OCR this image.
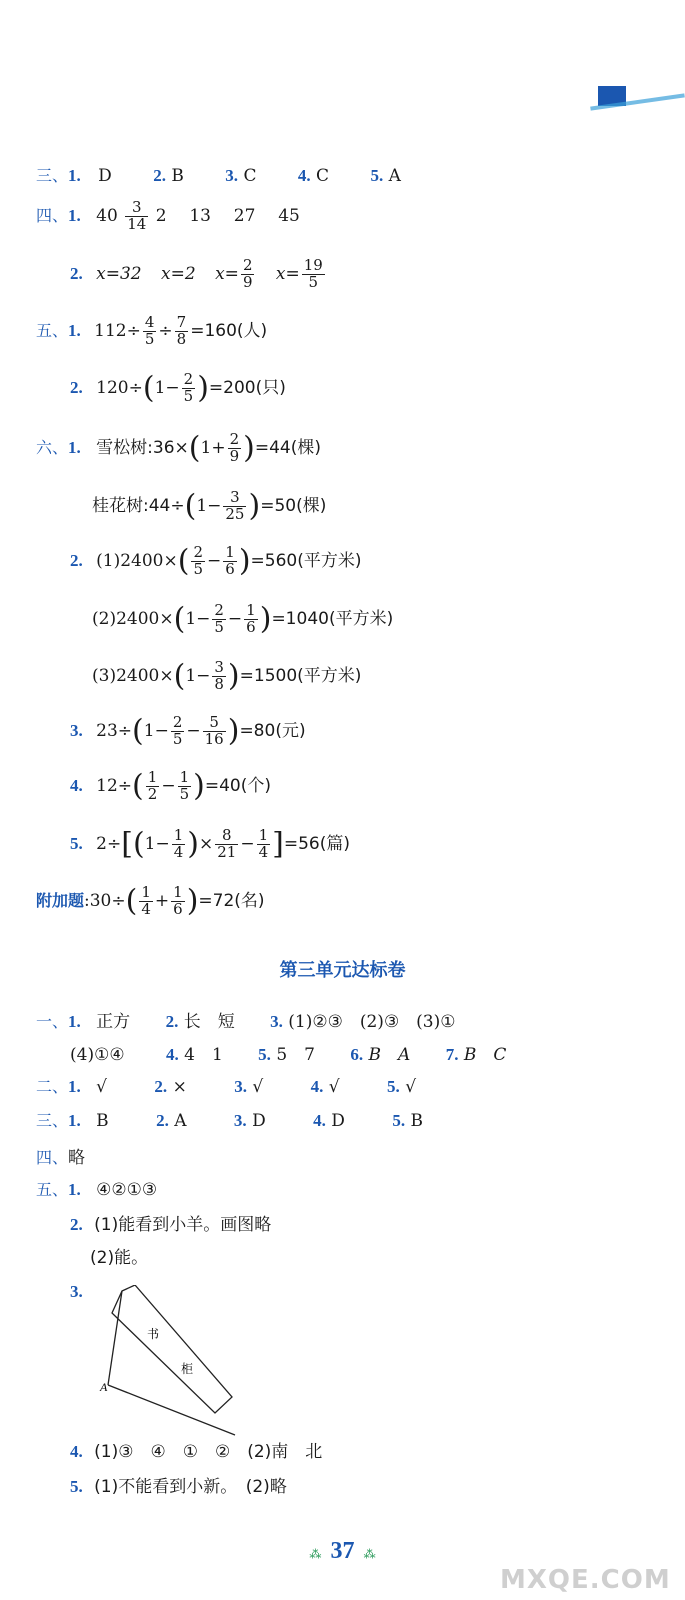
三、1. D 2. B 3. C 4. C 5. A
四、1. $40 \frac{3}{14} 2$  13  27  45
2. x=32 x=2 $x= \frac{2}{9} x= \frac{19}{5}$
五、1. $112\div \frac{4}{5} \div \frac{7}{8} =160$(人)
2. $120\div(1- \frac{2}{5} )=200$(只)
六、1. 雪松树:36×(1+ $\frac{2}{9} )=44$(棵)
桂花树:44÷(1− $\frac{3}{25} )=50$(棵)
2. $(1)2400\times( \frac{2}{5} - \frac{1}{6} )=560$(平方米)
$(2)2400\times(1- \frac{2}{5} - \frac{1}{6} )=1040$(平方米)
$(3)2400\times(1- \frac{3}{8} )=1500$(平方米)
3. $23\div(1- \frac{2}{5} - \frac{5}{16} )=80$(元)
4. $12\div( \frac{1}{2} - \frac{1}{5} )=40$(个)
5. $2\div[(1- \frac{1}{4}$ )× $\frac{8}{21} - \frac{1}{4} ]=56$(篇)
附加题:30÷( $\frac{1}{4} + \frac{1}{6} )=72$(名)
第三单元达标卷
一、1. 正方 2. 长　短 3. (1)②③　(2)③　(3)①
(4)①④ 4. 4　1 5. 5　7 6. B　A 7. B　C
二、1. √	2. ×	3. √	4. √	5. √
三、1. B	2. A	3. D	4. D	5. B
四、略
五、1. ④②①③
2. (1)能看到小羊。画图略
(2)能。
3.
A
书
柜
4. (1)③　④　①　②　(2)南　北
5. (1)不能看到小新。　(2)略
⁂ 37 ⁂
MXQE.COM
